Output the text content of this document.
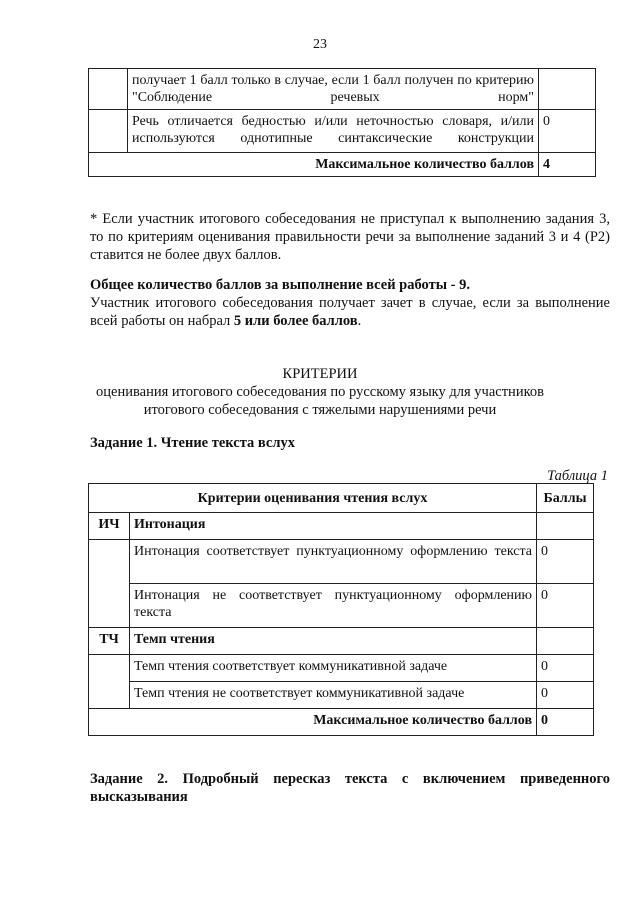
23
	получает 1 балл только в случае, если 1 балл получен по критерию "Соблюдение речевых норм"	
	Речь отличается бедностью и/или неточностью словаря, и/или используются однотипные синтаксические конструкции	0
Максимальное количество баллов		4
* Если участник итогового собеседования не приступал к выполнению задания 3, то по критериям оценивания правильности речи за выполнение заданий 3 и 4 (Р2) ставится не более двух баллов.
Общее количество баллов за выполнение всей работы - 9.
Участник итогового собеседования получает зачет в случае, если за выполнение всей работы он набрал 5 или более баллов.
КРИТЕРИИ
оценивания итогового собеседования по русскому языку для участников
итогового собеседования с тяжелыми нарушениями речи
Задание 1. Чтение текста вслух
Таблица 1
Критерии оценивания чтения вслух		Баллы
ИЧ	Интонация	
	Интонация соответствует пунктуационному оформлению текста	0
	Интонация не соответствует пунктуационному оформлению текста	0
ТЧ	Темп чтения	
	Темп чтения соответствует коммуникативной задаче	0
	Темп чтения не соответствует коммуникативной задаче	0
Максимальное количество баллов		0
Задание 2. Подробный пересказ текста с включением приведенного высказывания
